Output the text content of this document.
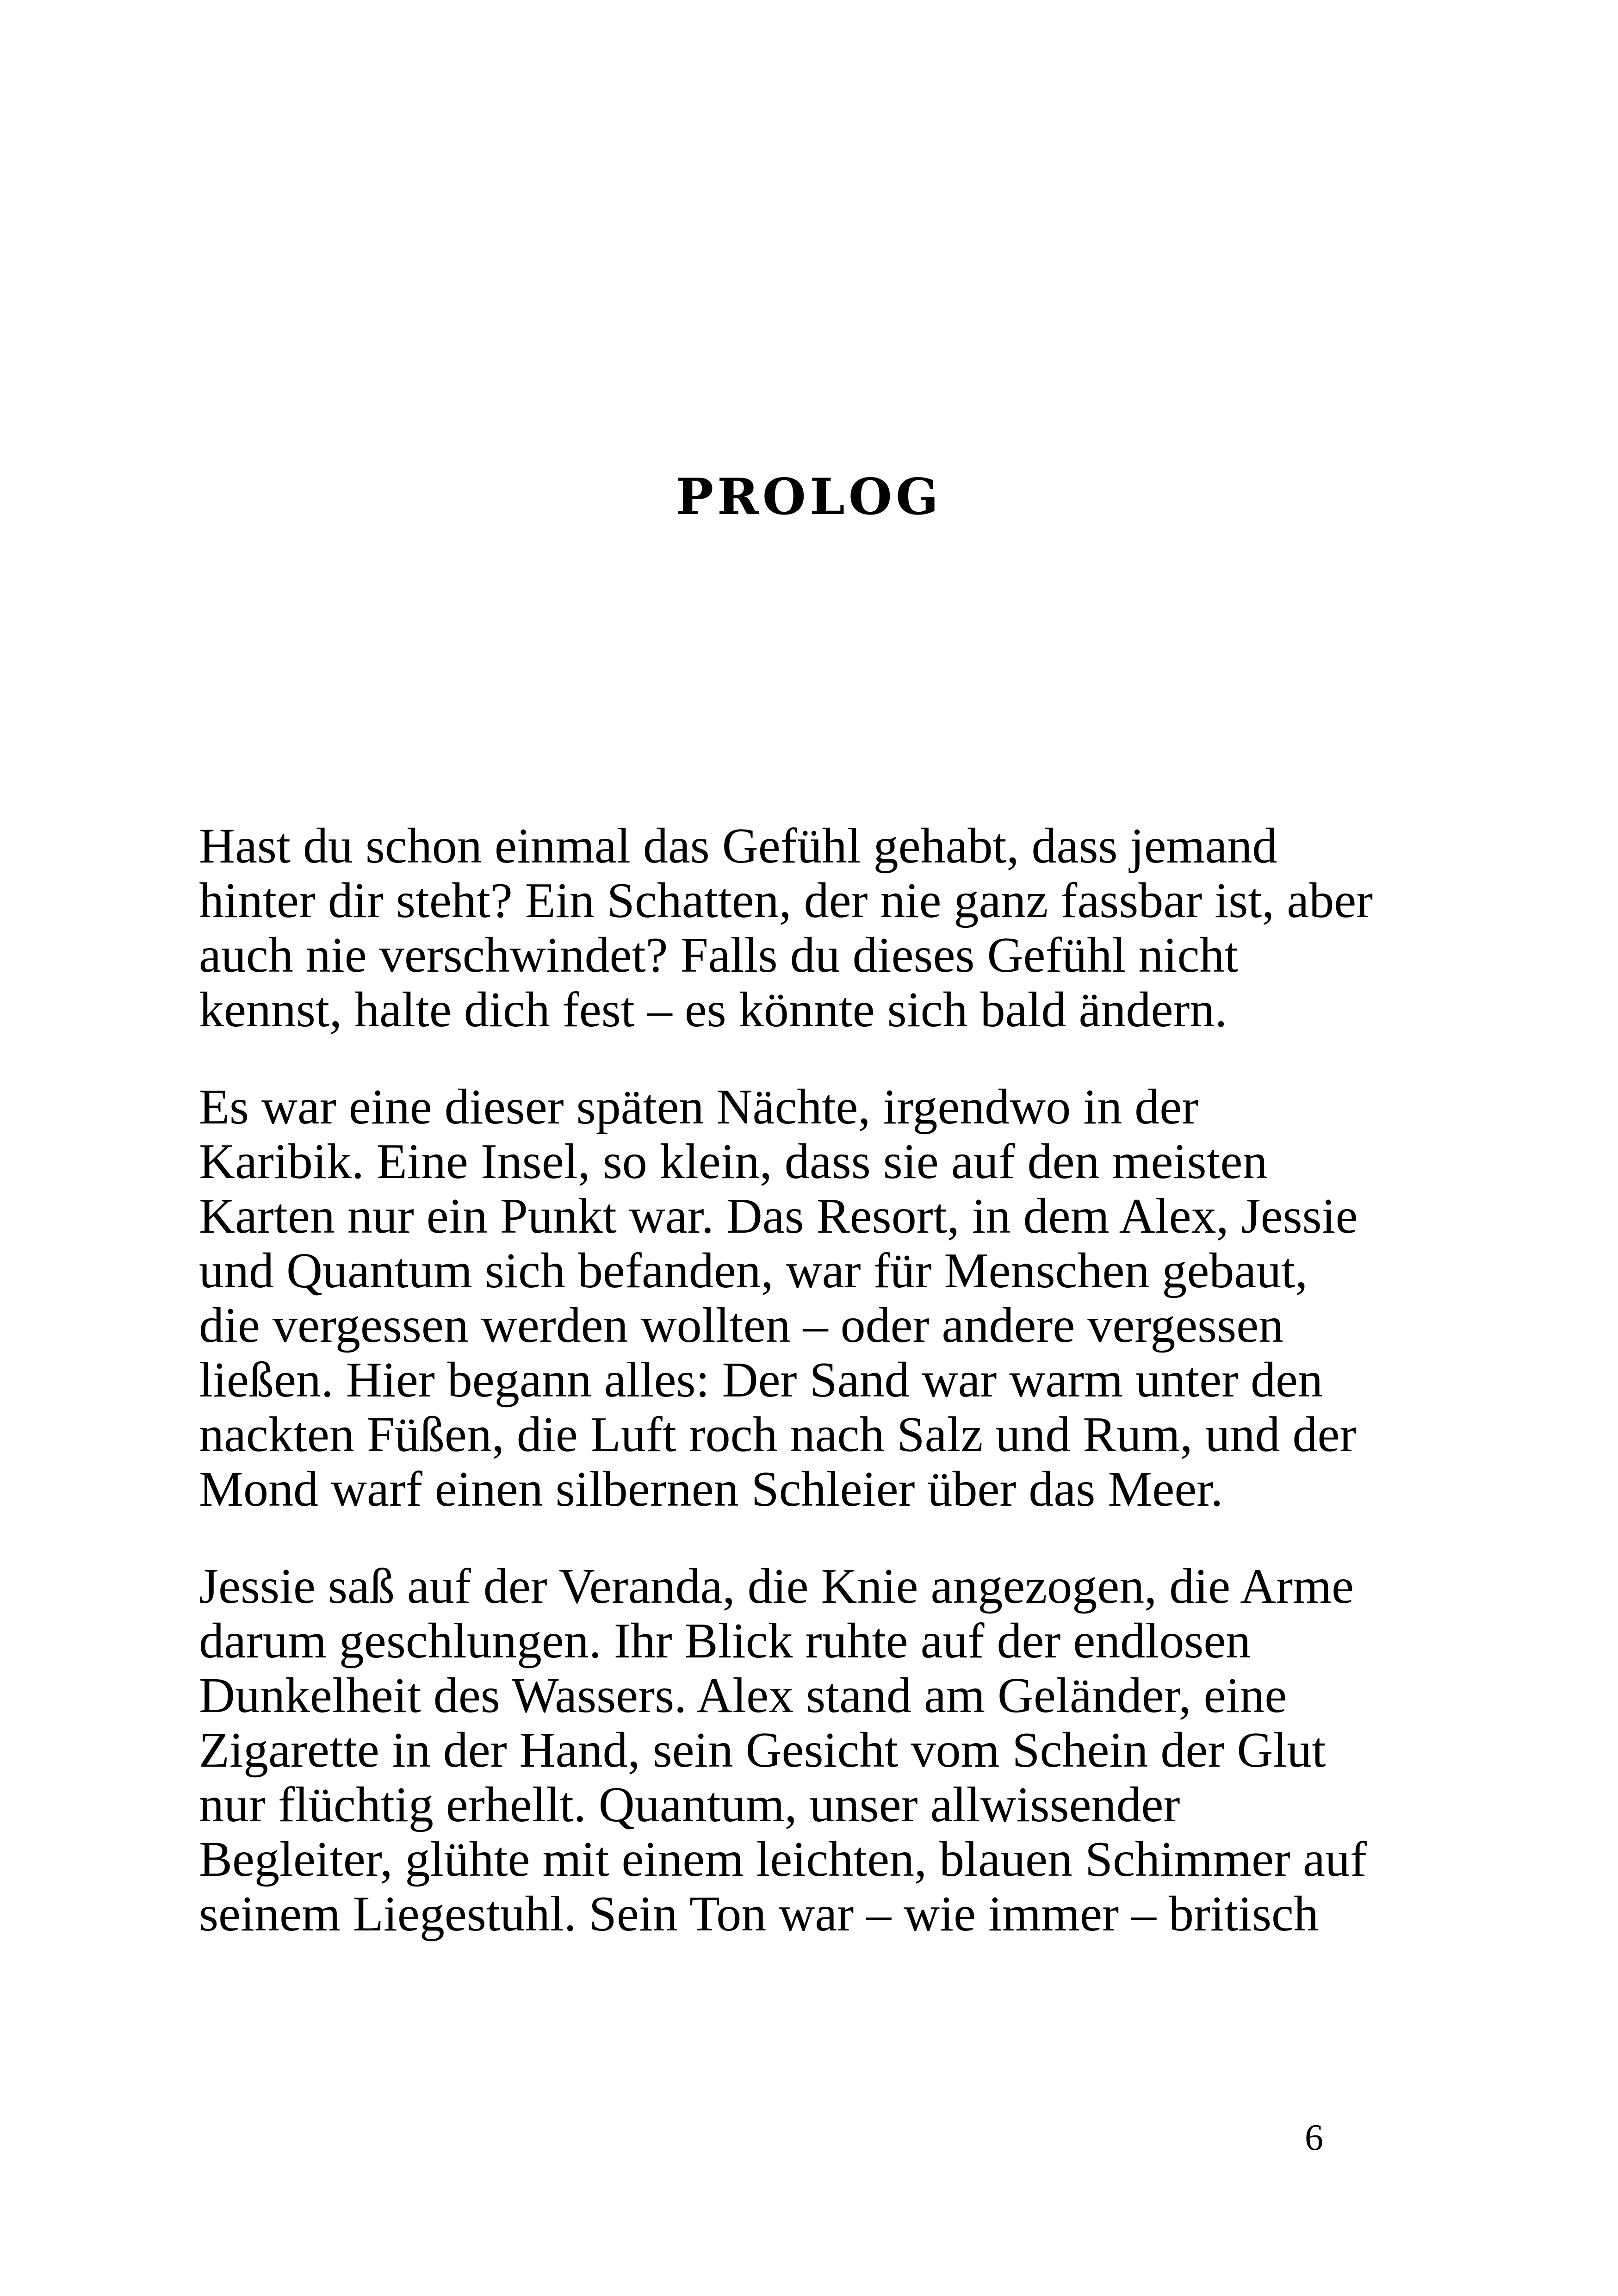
PROLOG

Hast du schon einmal das Gefühl gehabt, dass jemand
hinter dir steht? Ein Schatten, der nie ganz fassbar ist, aber
auch nie verschwindet? Falls du dieses Gefühl nicht
kennst, halte dich fest – es könnte sich bald ändern.

Es war eine dieser späten Nächte, irgendwo in der
Karibik. Eine Insel, so klein, dass sie auf den meisten
Karten nur ein Punkt war. Das Resort, in dem Alex, Jessie
und Quantum sich befanden, war für Menschen gebaut,
die vergessen werden wollten – oder andere vergessen
ließen. Hier begann alles: Der Sand war warm unter den
nackten Füßen, die Luft roch nach Salz und Rum, und der
Mond warf einen silbernen Schleier über das Meer.

Jessie saß auf der Veranda, die Knie angezogen, die Arme
darum geschlungen. Ihr Blick ruhte auf der endlosen
Dunkelheit des Wassers. Alex stand am Geländer, eine
Zigarette in der Hand, sein Gesicht vom Schein der Glut
nur flüchtig erhellt. Quantum, unser allwissender
Begleiter, glühte mit einem leichten, blauen Schimmer auf
seinem Liegestuhl. Sein Ton war – wie immer – britisch

6
